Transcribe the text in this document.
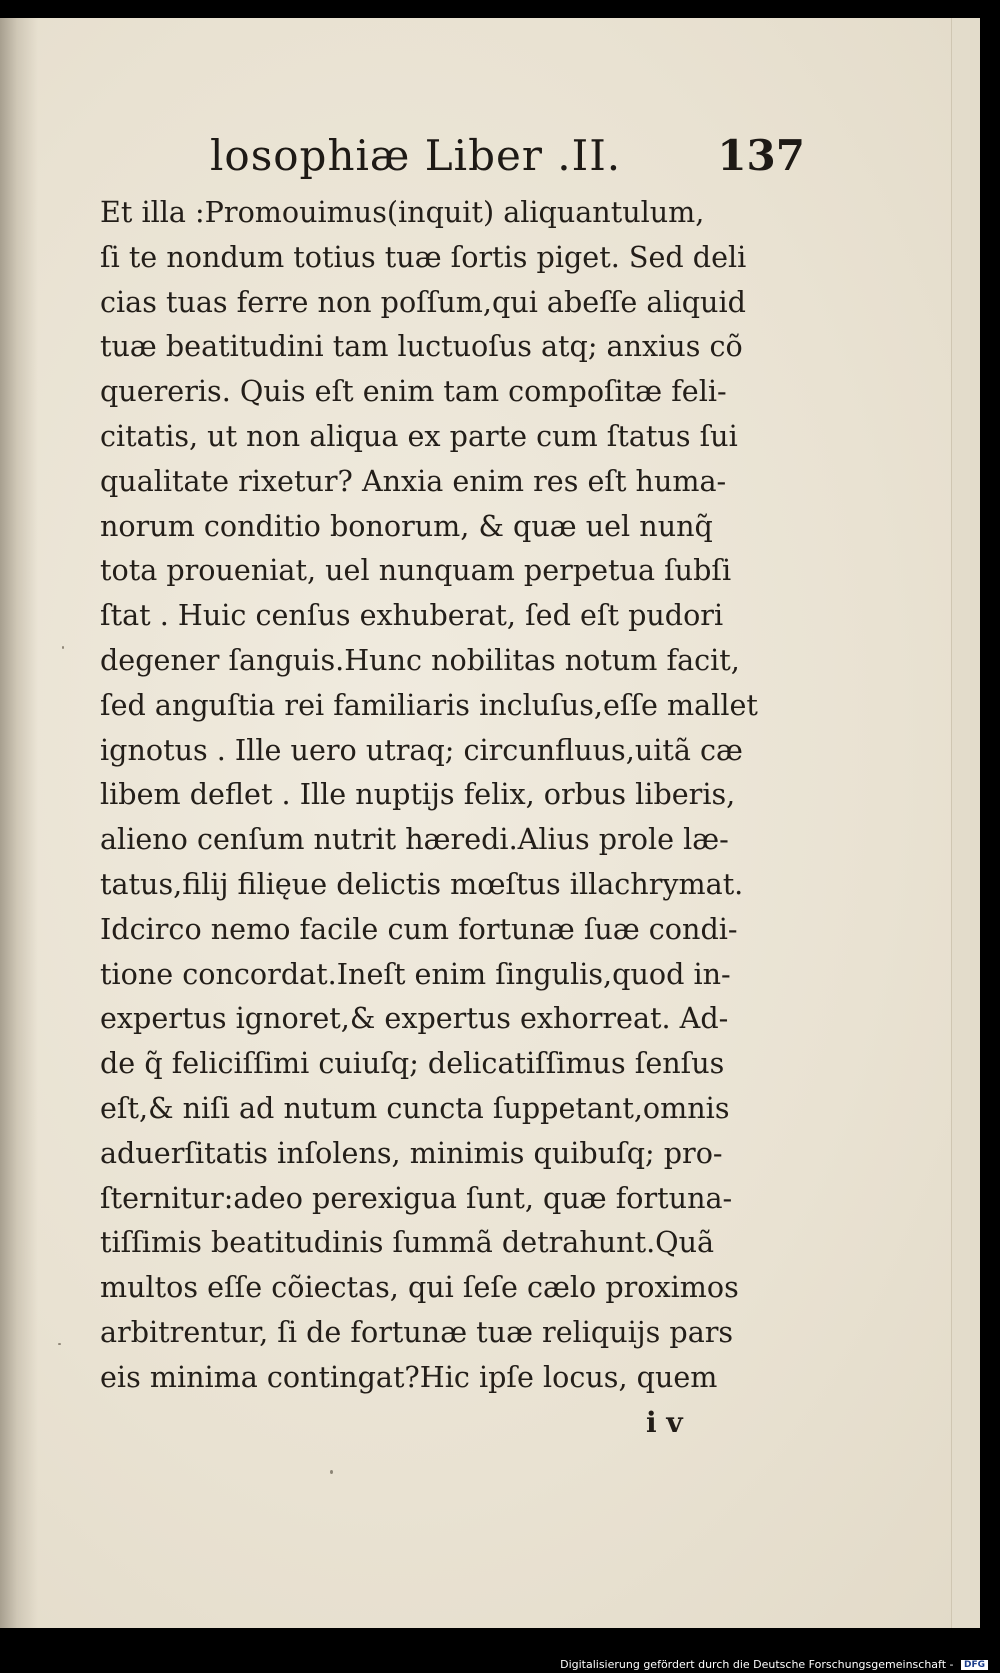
losophiæ Liber .II. 137
Et illa :Promouimus(inquit) aliquantulum,
ſi te nondum totius tuæ ſortis piget. Sed deli
cias tuas ferre non poſſum,qui abeſſe aliquid
tuæ beatitudini tam luctuoſus atq; anxius cõ
quereris. Quis eſt enim tam compoſitæ feli-
citatis, ut non aliqua ex parte cum ſtatus ſui
qualitate rixetur? Anxia enim res eſt huma-
norum conditio bonorum, & quæ uel nunq̃
tota proueniat, uel nunquam perpetua ſubſi
ſtat . Huic cenſus exhuberat, ſed eſt pudori
degener ſanguis.Hunc nobilitas notum facit,
ſed anguſtia rei familiaris incluſus,eſſe mallet
ignotus . Ille uero utraq; circunfluus,uitã cæ
libem deflet . Ille nuptijs felix, orbus liberis,
alieno cenſum nutrit hæredi.Alius prole læ-
tatus,filij filięue delictis mœſtus illachrymat.
Idcirco nemo facile cum fortunæ ſuæ condi-
tione concordat.Ineſt enim ſingulis,quod in-
expertus ignoret,& expertus exhorreat. Ad-
de q̃ feliciſſimi cuiuſq; delicatiſſimus ſenſus
eſt,& niſi ad nutum cuncta ſuppetant,omnis
aduerſitatis inſolens, minimis quibuſq; pro-
ſternitur:adeo perexigua ſunt, quæ fortuna-
tiſſimis beatitudinis ſummã detrahunt.Quã
multos eſſe cõiectas, qui ſeſe cælo proximos
arbitrentur, ſi de fortunæ tuæ reliquijs pars
eis minima contingat?Hic ipſe locus, quem
i v
Digitalisierung gefördert durch die Deutsche Forschungsgemeinschaft - DFG
